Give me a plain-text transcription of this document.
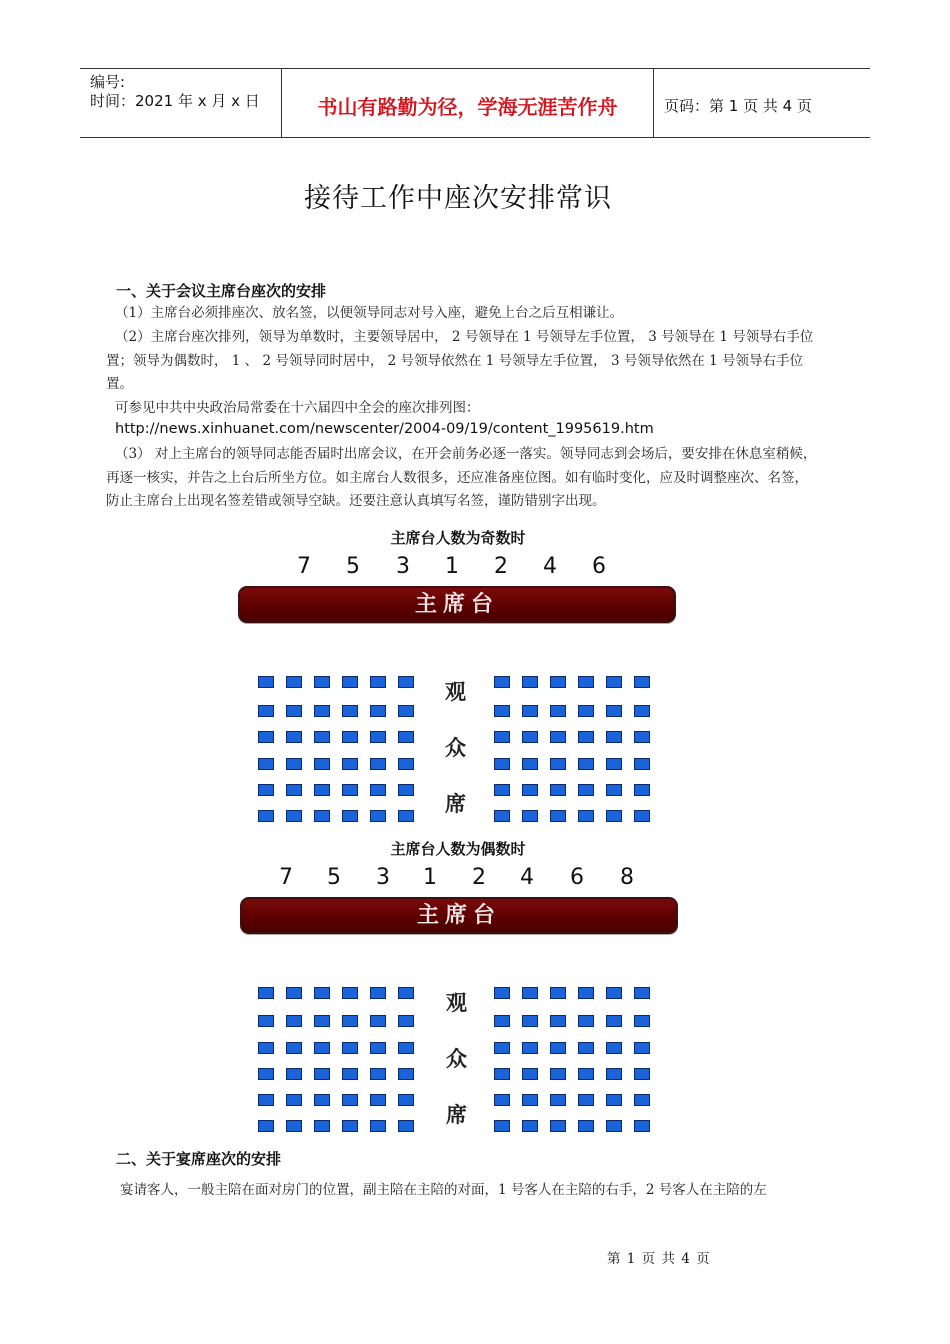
编号:
时间：2021 年 x 月 x 日	书山有路勤为径，学海无涯苦作舟	页码：第 1 页 共 4 页
接待工作中座次安排常识
一、关于会议主席台座次的安排
（1）主席台必须排座次、放名签，以便领导同志对号入座，避免上台之后互相谦让。
（2）主席台座次排列，领导为单数时，主要领导居中， 2 号领导在 1 号领导左手位置， 3 号领导在 1 号领导右手位置；领导为偶数时， 1 、 2 号领导同时居中， 2 号领导依然在 1 号领导左手位置， 3 号领导依然在 1 号领导右手位置。
可参见中共中央政治局常委在十六届四中全会的座次排列图：
http://news.xinhuanet.com/newscenter/2004-09/19/content_1995619.htm
（3） 对上主席台的领导同志能否届时出席会议，在开会前务必逐一落实。领导同志到会场后，要安排在休息室稍候，再逐一核实，并告之上台后所坐方位。如主席台人数很多，还应准备座位图。如有临时变化，应及时调整座次、名签，防止主席台上出现名签差错或领导空缺。还要注意认真填写名签，谨防错别字出现。
主席台人数为奇数时
7 5 3 1 2 4 6
主席台
观
众
席
主席台人数为偶数时
7 5 3 1 2 4 6 8
主席台
观
众
席
二、关于宴席座次的安排
宴请客人，一般主陪在面对房门的位置，副主陪在主陪的对面，1 号客人在主陪的右手，2 号客人在主陪的左
第 1 页 共 4 页
